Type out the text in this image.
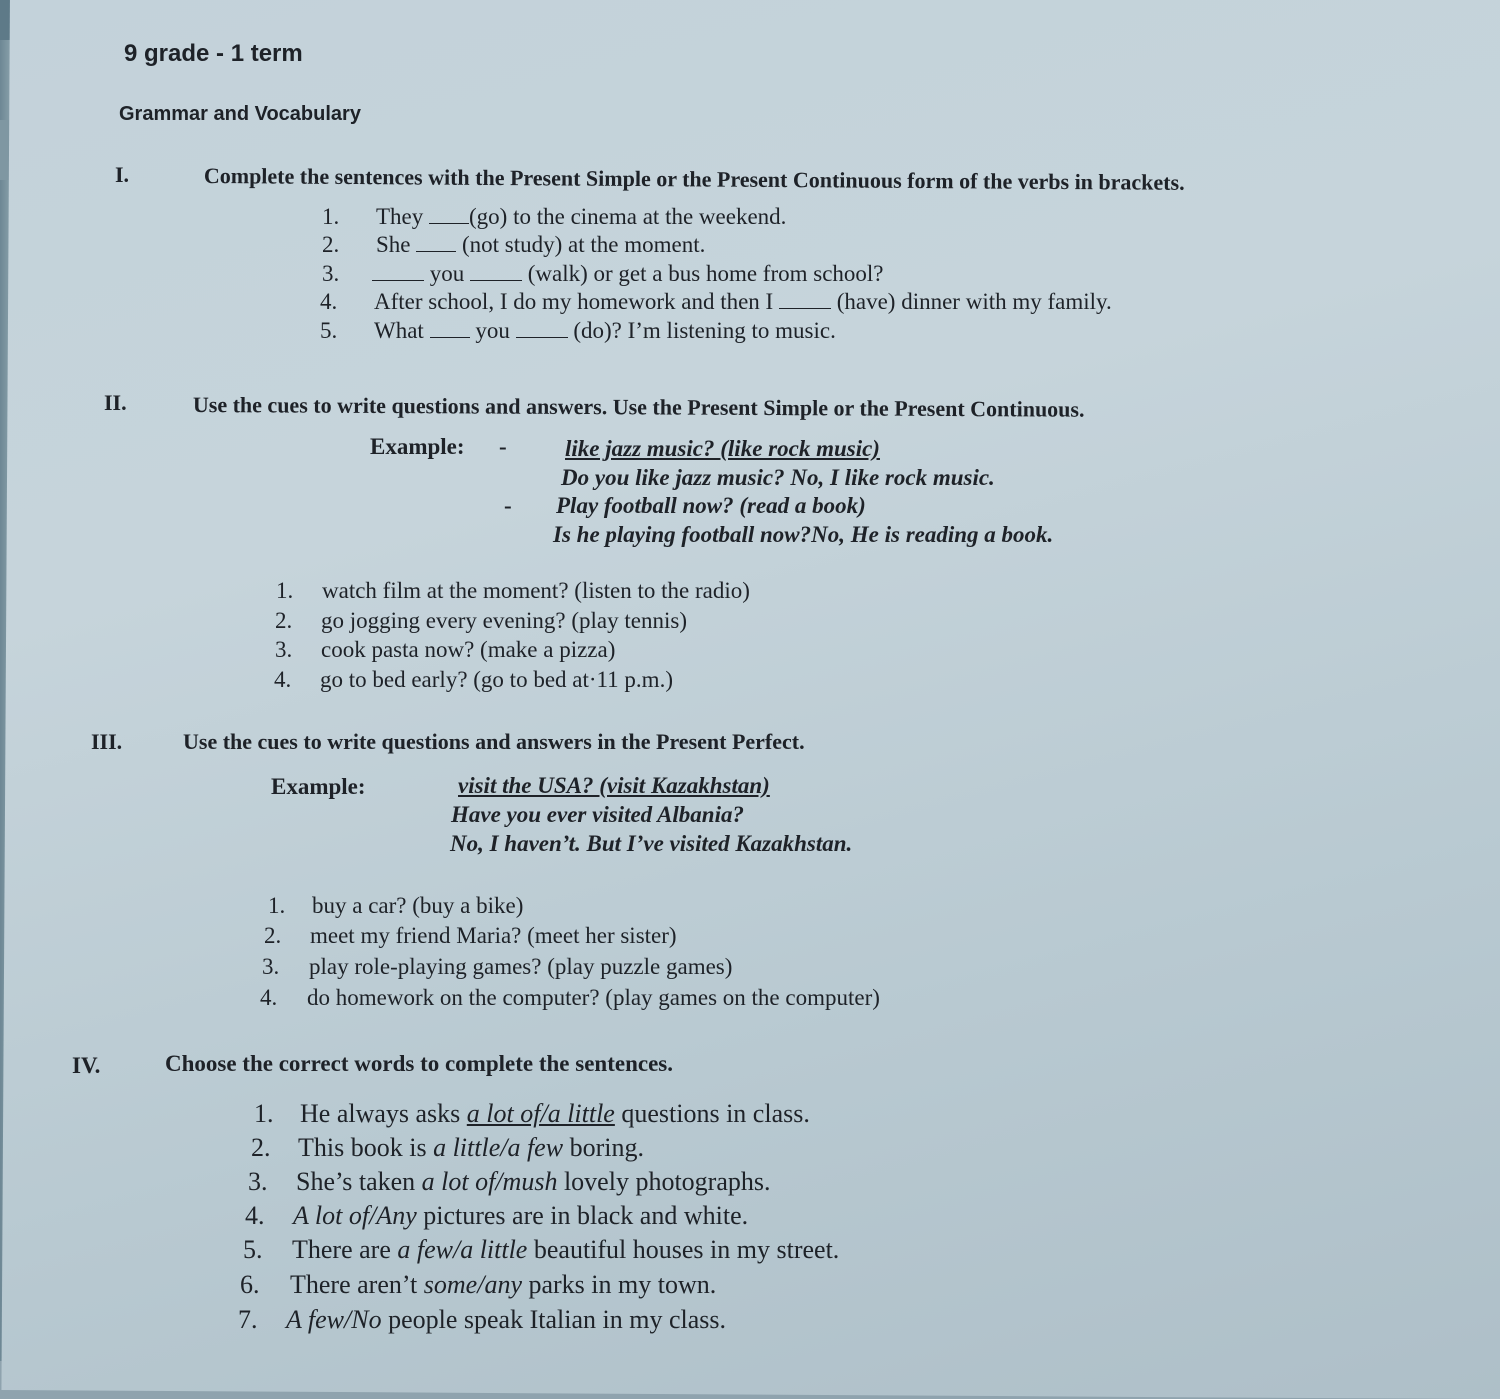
9 grade - 1 term
Grammar and Vocabulary
I.	Complete the sentences with the Present Simple or the Present Continuous form of the verbs in brackets.
1. They (go) to the cinema at the weekend.
2. She  (not study) at the moment.
3.	you  (walk) or get a bus home from school?
4. After school, I do my homework and then I  (have) dinner with my family.
5. What  you  (do)? I’m listening to music.
II.	Use the cues to write questions and answers. Use the Present Simple or the Present Continuous.
Example: -	like jazz music? (like rock music)
Do you like jazz music? No, I like rock music.
- Play football now? (read a book)
Is he playing football now?No, He is reading a book.
1. watch film at the moment? (listen to the radio)
2. go jogging every evening? (play tennis)
3. cook pasta now? (make a pizza)
4. go to bed early? (go to bed at·11 p.m.)
III.	Use the cues to write questions and answers in the Present Perfect.
Example:	visit the USA? (visit Kazakhstan)
Have you ever visited Albania?
No, I haven’t. But I’ve visited Kazakhstan.
1. buy a car? (buy a bike)
2. meet my friend Maria? (meet her sister)
3. play role-playing games? (play puzzle games)
4. do homework on the computer? (play games on the computer)
IV.	Choose the correct words to complete the sentences.
1. He always asks a lot of/a little questions in class.
2. This book is a little/a few boring.
3. She’s taken a lot of/mush lovely photographs.
4. A lot of/Any pictures are in black and white.
5. There are a few/a little beautiful houses in my street.
6. There aren’t some/any parks in my town.
7. A few/No people speak Italian in my class.
